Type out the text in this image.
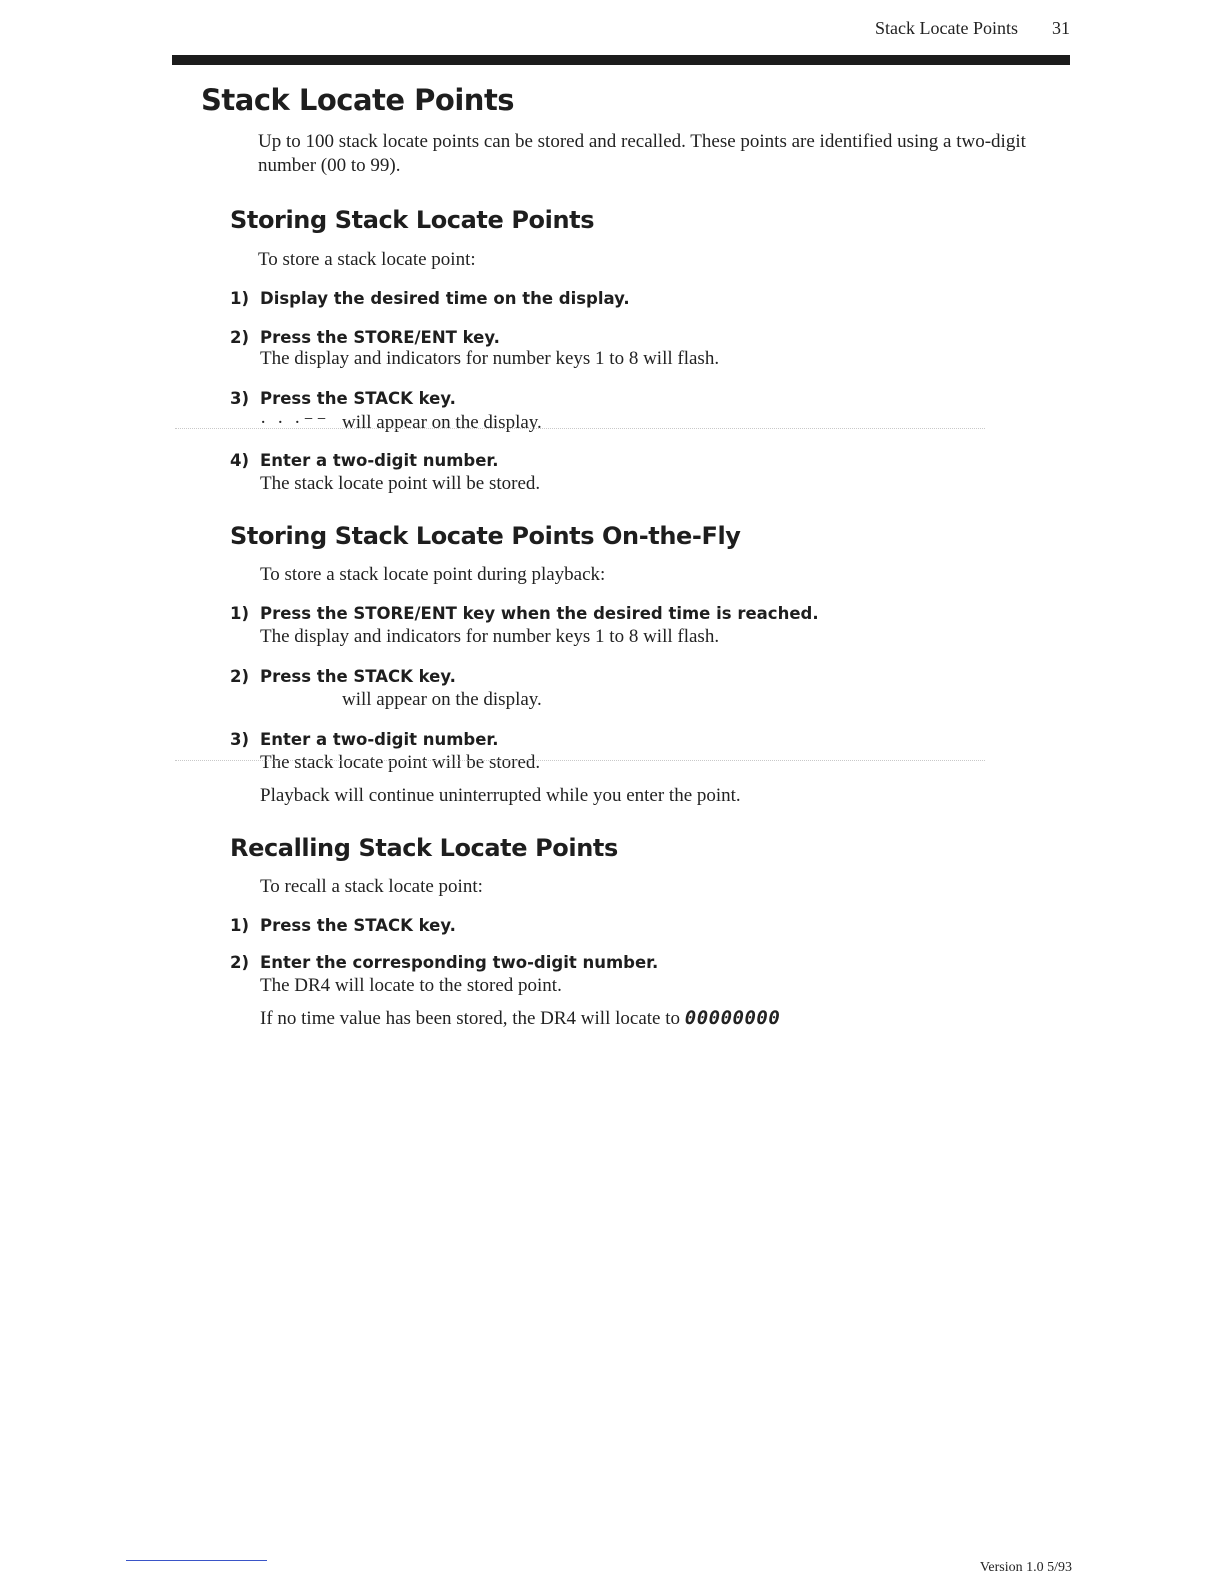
Stack Locate Points 31
Stack Locate Points

Up to 100 stack locate points can be stored and recalled. These points are identified using a two-digit number (00 to 99).

Storing Stack Locate Points

To store a stack locate point:

1) Display the desired time on the display.

2) Press the STORE/ENT key.

The display and indicators for number keys 1 to 8 will flash.

3) Press the STACK key.

· · ·⁻⁻ will appear on the display.

4) Enter a two-digit number.

The stack locate point will be stored.

Storing Stack Locate Points On-the-Fly

To store a stack locate point during playback:

1) Press the STORE/ENT key when the desired time is reached.

The display and indicators for number keys 1 to 8 will flash.

2) Press the STACK key.

will appear on the display.

3) Enter a two-digit number.

The stack locate point will be stored.

Playback will continue uninterrupted while you enter the point.

Recalling Stack Locate Points

To recall a stack locate point:

1) Press the STACK key.

2) Enter the corresponding two-digit number.

The DR4 will locate to the stored point.

If no time value has been stored, the DR4 will locate to 00000000

Version 1.0 5/93
